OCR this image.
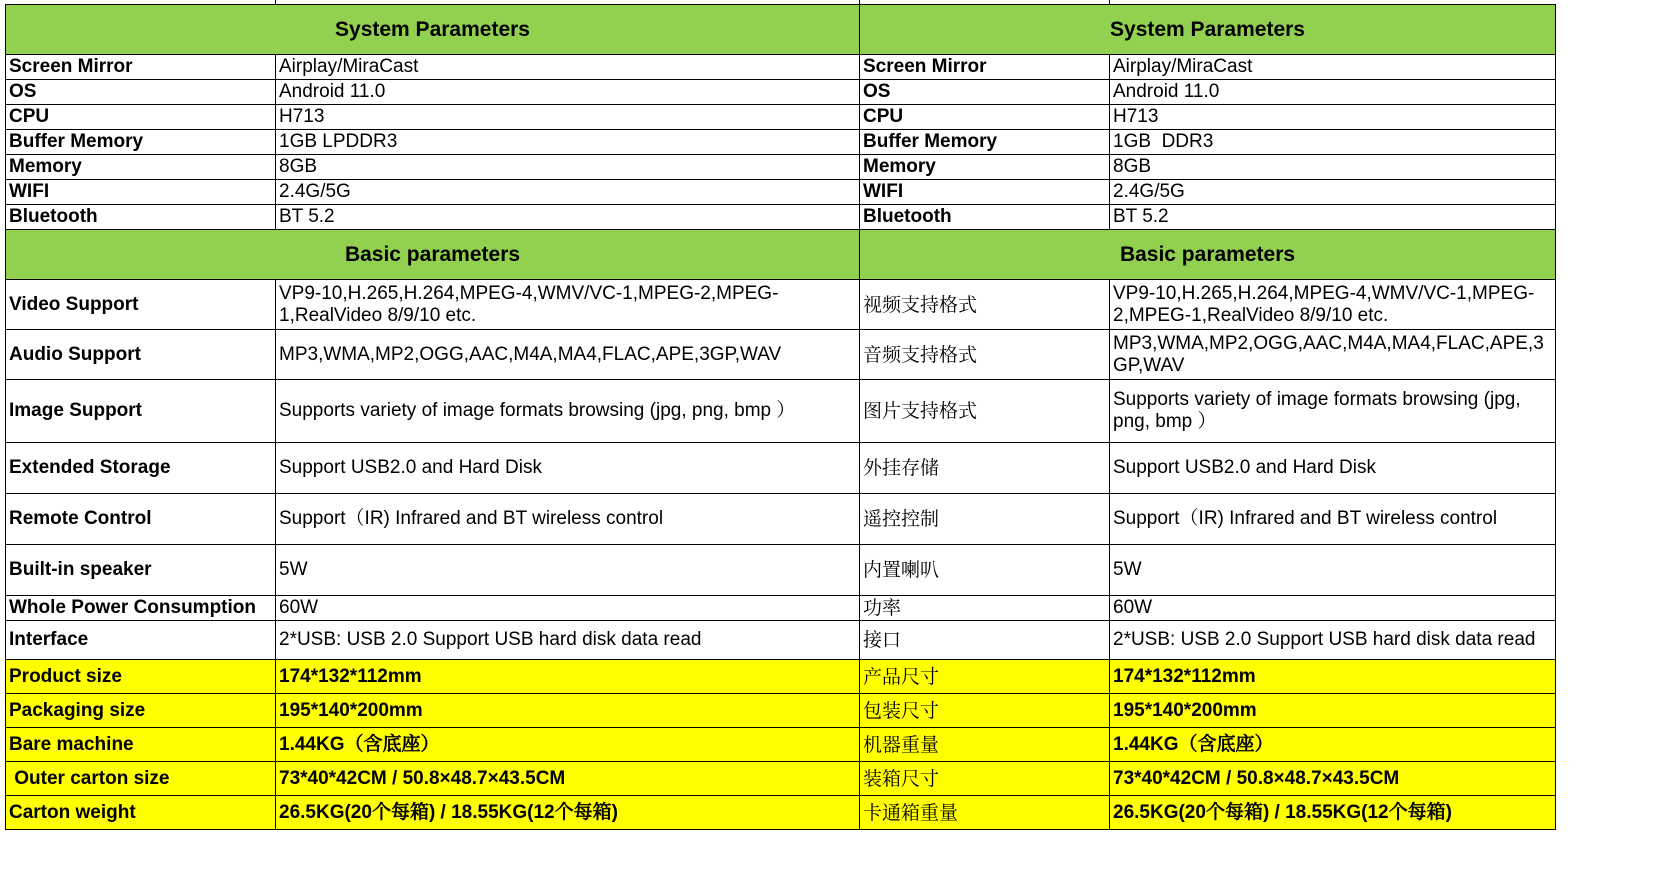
System Parameters	
Screen Mirror	Airplay/MiraCast
OS	Android 11.0
CPU	H713
Buffer Memory	1GB LPDDR3
Memory	8GB
WIFI	2.4G/5G
Bluetooth	BT 5.2
Basic parameters	
Video Support	VP9-10,H.265,H.264,MPEG-4,WMV/VC-1,MPEG-2,MPEG-1,RealVideo 8/9/10 etc.
Audio Support	MP3,WMA,MP2,OGG,AAC,M4A,MA4,FLAC,APE,3GP,WAV
Image Support	Supports variety of image formats browsing (jpg, png, bmp ）
Extended Storage	Support USB2.0 and Hard Disk
Remote Control	Support（IR) Infrared and BT wireless control
Built-in speaker	5W
Whole Power Consumption	60W
Interface	2*USB: USB 2.0 Support USB hard disk data read
Product size	174*132*112mm
Packaging size	195*140*200mm
Bare machine	1.44KG（含底座）
Outer carton size	73*40*42CM / 50.8×48.7×43.5CM
Carton weight	26.5KG(20个每箱) / 18.55KG(12个每箱)
System Parameters	
Screen Mirror	Airplay/MiraCast
OS	Android 11.0
CPU	H713
Buffer Memory	1GB  DDR3
Memory	8GB
WIFI	2.4G/5G
Bluetooth	BT 5.2
Basic parameters	
视频支持格式	VP9-10,H.265,H.264,MPEG-4,WMV/VC-1,MPEG-2,MPEG-1,RealVideo 8/9/10 etc.
音频支持格式	MP3,WMA,MP2,OGG,AAC,M4A,MA4,FLAC,APE,3GP,WAV
图片支持格式	Supports variety of image formats browsing (jpg, png, bmp ）
外挂存储	Support USB2.0 and Hard Disk
遥控控制	Support（IR) Infrared and BT wireless control
内置喇叭	5W
功率	60W
接口	2*USB: USB 2.0 Support USB hard disk data read
产品尺寸	174*132*112mm
包装尺寸	195*140*200mm
机器重量	1.44KG（含底座）
装箱尺寸	73*40*42CM / 50.8×48.7×43.5CM
卡通箱重量	26.5KG(20个每箱) / 18.55KG(12个每箱)
